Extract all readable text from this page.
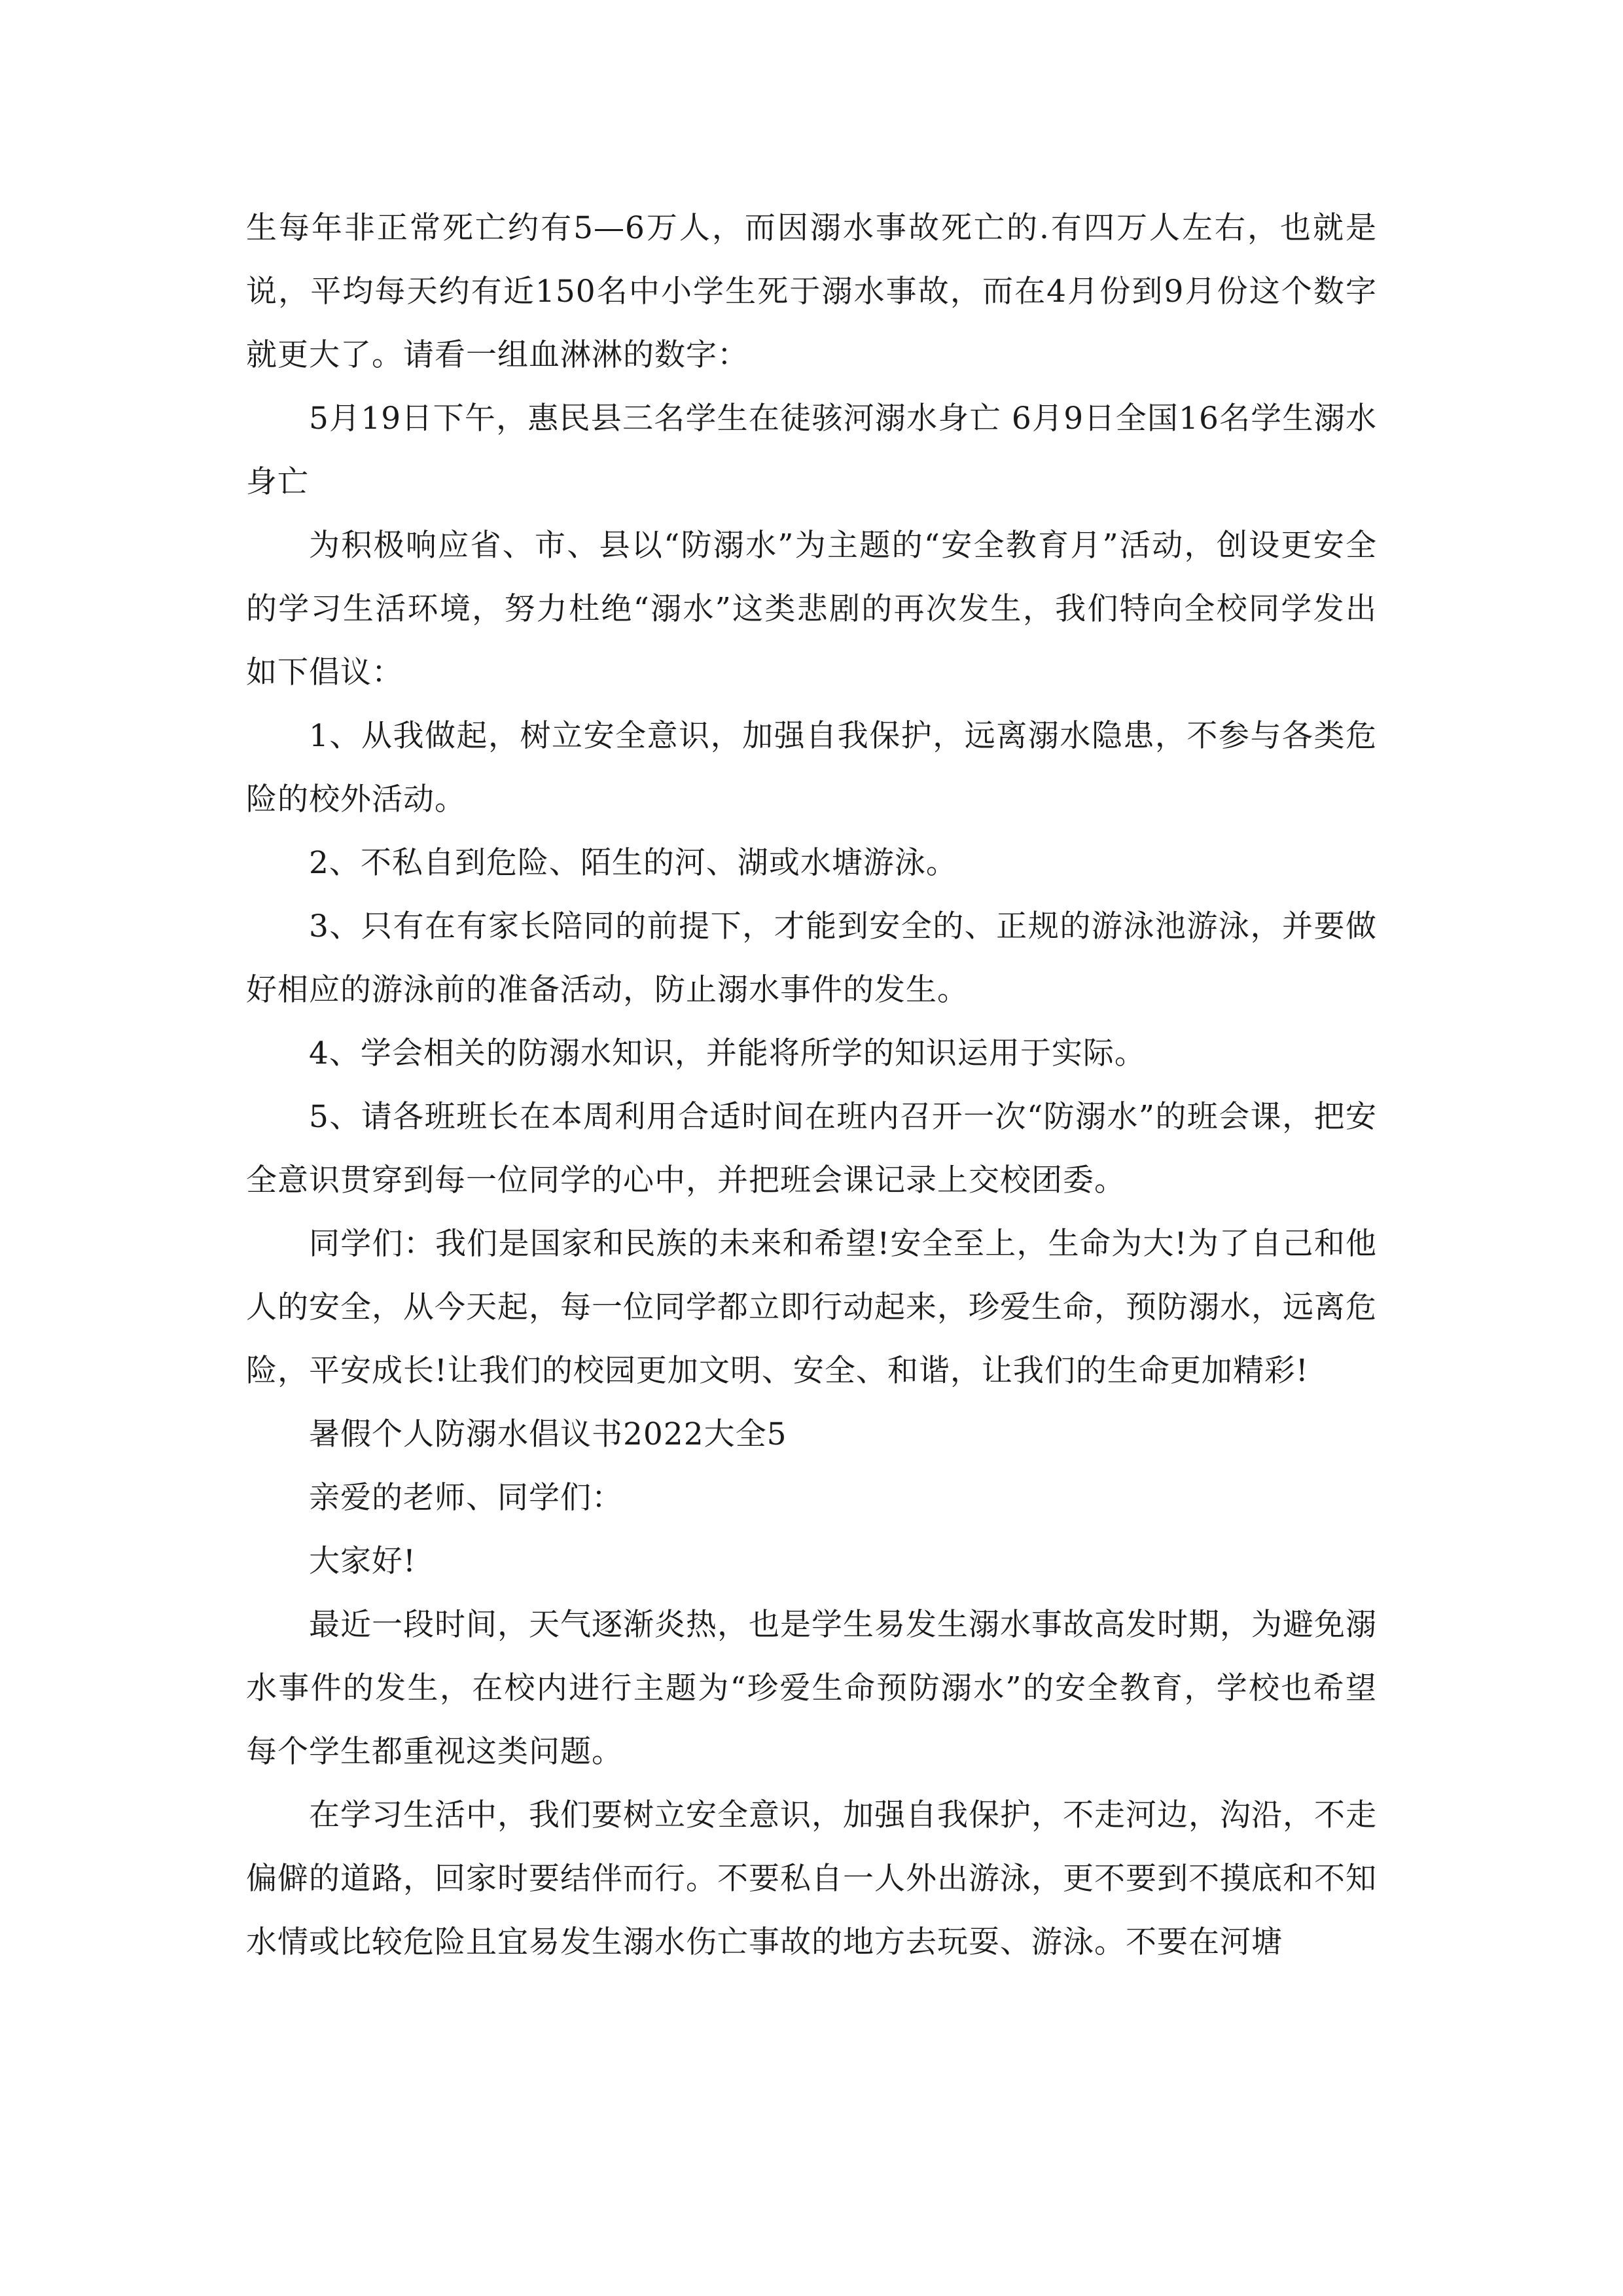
生每年非正常死亡约有5—6万人，而因溺水事故死亡的.有四万人左右，也就是说，平均每天约有近150名中小学生死于溺水事故，而在4月份到9月份这个数字就更大了。请看一组血淋淋的数字：

5月19日下午，惠民县三名学生在徒骇河溺水身亡 6月9日全国16名学生溺水身亡

为积极响应省、市、县以“防溺水”为主题的“安全教育月”活动，创设更安全的学习生活环境，努力杜绝“溺水”这类悲剧的再次发生，我们特向全校同学发出如下倡议：

1、从我做起，树立安全意识，加强自我保护，远离溺水隐患，不参与各类危险的校外活动。

2、不私自到危险、陌生的河、湖或水塘游泳。

3、只有在有家长陪同的前提下，才能到安全的、正规的游泳池游泳，并要做好相应的游泳前的准备活动，防止溺水事件的发生。

4、学会相关的防溺水知识，并能将所学的知识运用于实际。

5、请各班班长在本周利用合适时间在班内召开一次“防溺水”的班会课，把安全意识贯穿到每一位同学的心中，并把班会课记录上交校团委。

同学们：我们是国家和民族的未来和希望!安全至上，生命为大!为了自己和他人的安全，从今天起，每一位同学都立即行动起来，珍爱生命，预防溺水，远离危险，平安成长!让我们的校园更加文明、安全、和谐，让我们的生命更加精彩!

暑假个人防溺水倡议书2022大全5

亲爱的老师、同学们：

大家好!

最近一段时间，天气逐渐炎热，也是学生易发生溺水事故高发时期，为避免溺水事件的发生，在校内进行主题为“珍爱生命预防溺水”的安全教育，学校也希望每个学生都重视这类问题。

在学习生活中，我们要树立安全意识，加强自我保护，不走河边，沟沿，不走偏僻的道路，回家时要结伴而行。不要私自一人外出游泳，更不要到不摸底和不知水情或比较危险且宜易发生溺水伤亡事故的地方去玩耍、游泳。不要在河塘
